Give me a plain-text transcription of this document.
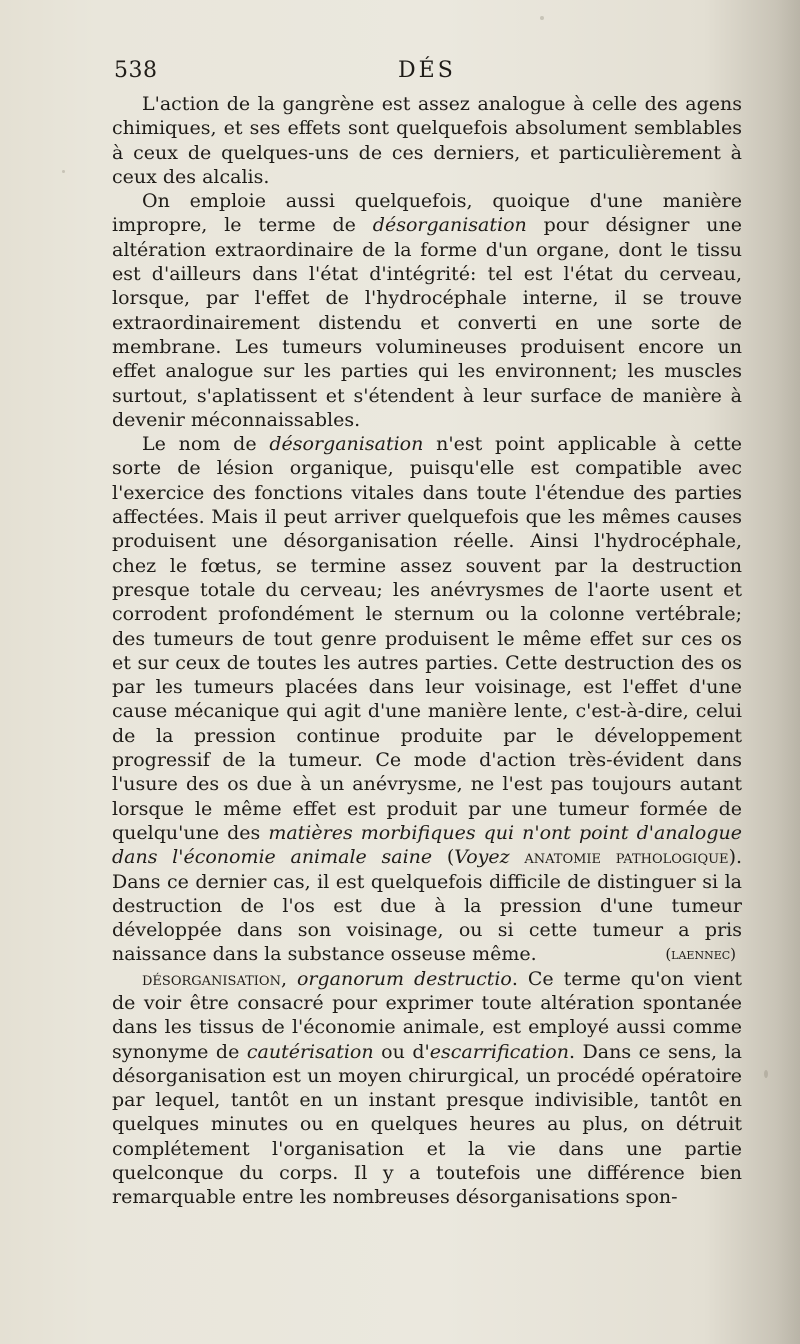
538	DÉS

L'action de la gangrène est assez analogue à celle des agens chimiques, et ses effets sont quelquefois absolument semblables à ceux de quelques-uns de ces derniers, et particulièrement à ceux des alcalis.

On emploie aussi quelquefois, quoique d'une manière impropre, le terme de désorganisation pour désigner une altération extraordinaire de la forme d'un organe, dont le tissu est d'ailleurs dans l'état d'intégrité: tel est l'état du cerveau, lorsque, par l'effet de l'hydrocéphale interne, il se trouve extraordinairement distendu et converti en une sorte de membrane. Les tumeurs volumineuses produisent encore un effet analogue sur les parties qui les environnent; les muscles surtout, s'aplatissent et s'étendent à leur surface de manière à devenir méconnaissables.

Le nom de désorganisation n'est point applicable à cette sorte de lésion organique, puisqu'elle est compatible avec l'exercice des fonctions vitales dans toute l'étendue des parties affectées. Mais il peut arriver quelquefois que les mêmes causes produisent une désorganisation réelle. Ainsi l'hydrocéphale, chez le fœtus, se termine assez souvent par la destruction presque totale du cerveau; les anévrysmes de l'aorte usent et corrodent profondément le sternum ou la colonne vertébrale; des tumeurs de tout genre produisent le même effet sur ces os et sur ceux de toutes les autres parties. Cette destruction des os par les tumeurs placées dans leur voisinage, est l'effet d'une cause mécanique qui agit d'une manière lente, c'est-à-dire, celui de la pression continue produite par le développement progressif de la tumeur. Ce mode d'action très-évident dans l'usure des os due à un anévrysme, ne l'est pas toujours autant lorsque le même effet est produit par une tumeur formée de quelqu'une des matières morbifiques qui n'ont point d'analogue dans l'économie animale saine (Voyez anatomie pathologique). Dans ce dernier cas, il est quelquefois difficile de distinguer si la destruction de l'os est due à la pression d'une tumeur développée dans son voisinage, ou si cette tumeur a pris naissance dans la substance osseuse même.	(laennec)

désorganisation, organorum destructio. Ce terme qu'on vient de voir être consacré pour exprimer toute altération spontanée dans les tissus de l'économie animale, est employé aussi comme synonyme de cautérisation ou d'escarrification. Dans ce sens, la désorganisation est un moyen chirurgical, un procédé opératoire par lequel, tantôt en un instant presque indivisible, tantôt en quelques minutes ou en quelques heures au plus, on détruit complétement l'organisation et la vie dans une partie quelconque du corps. Il y a toutefois une différence bien remarquable entre les nombreuses désorganisations spon-
